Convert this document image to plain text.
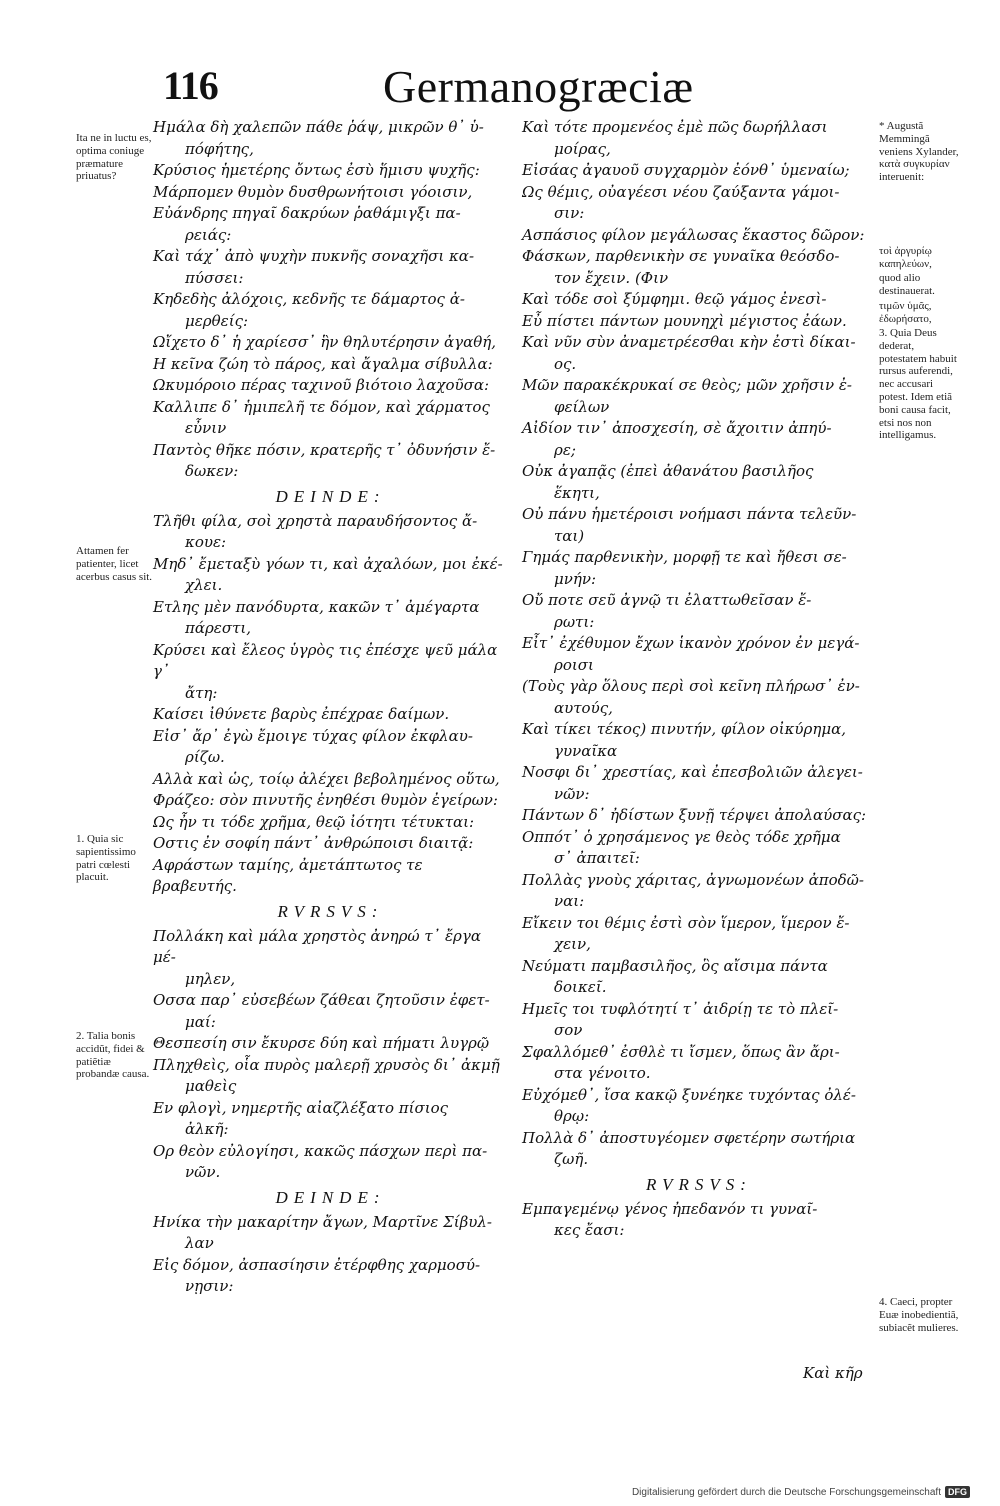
116	Germanogræciæ
Ημάλα δὴ χαλεπῶν πάθε ῥάψ, μικρῶν θ᾽ ὑ-
πόφήτης,
Κρύσιος ἡμετέρης ὄντως ἐσὺ ἥμισυ ψυχῆς:
Μάρπομεν θυμὸν δυσθρωνήτοισι γόοισιν,
Εὐάνδρης πηγαῖ δακρύων ῥαθάμιγξι πα-
ρειάς:
Καὶ τάχ᾽ ἀπὸ ψυχὴν πυκνῆς σοναχῆσι κα-
πύσσει:
Κηδεδὴς ἀλόχοις, κεδνῆς τε δάμαρτος ἀ-
μερθείς:
Ωἴχετο δ᾽ ἡ χαρίεσσ᾽ ἣν θηλυτέρησιν ἀγαθή,
Η κεῖνα ζώη τὸ πάρος, καὶ ἄγαλμα σίβυλλα:
Ωκυμόροιο πέρας ταχινοῦ βιότοιο λαχοῦσα:
Καλλιπε δ᾽ ἡμιπελῆ τε δόμον, καὶ χάρματος
εὖνιν
Παντὸς θῆκε πόσιν, κρατερῆς τ᾽ ὀδυνήσιν ἔ-
δωκεν:
DEINDE:
Τλῆθι φίλα, σοὶ χρηστὰ παραυδήσοντος ἄ-
κουε:
Μηδ᾽ ἔμεταξὺ γόων τι, καὶ ἀχαλόων, μοι ἐκέ-
χλει.
Ετλης μὲν πανόδυρτα, κακῶν τ᾽ ἀμέγαρτα
πάρεστι,
Κρύσει καὶ ἔλεος ὑγρὸς τις ἐπέσχε ψεῦ μάλα γ᾽
ἄτη:
Καίσει ἰθύνετε βαρὺς ἐπέχραε δαίμων.
Εἰσ᾽ ἄρ᾽ ἐγὼ ἔμοιγε τύχας φίλον ἐκφλαυ-
ρίζω.
Αλλὰ καὶ ὡς, τοίῳ ἀλέχει βεβολημένος οὕτω,
Φράζεο: σὸν πινυτῆς ἐνηθέσι θυμὸν ἐγείρων:
Ως ἦν τι τόδε χρῆμα, θεῷ ἰότητι τέτυκται:
Οστις ἐν σοφίη πάντ᾽ ἀνθρώποισι διαιτᾷ:
Αφράστων ταμίης, ἀμετάπτωτος τε βραβευτής.
RVRSVS:
Πολλάκη καὶ μάλα χρηστὸς ἀνηρώ τ᾽ ἔργα μέ-
μηλεν,
Οσσα παρ᾽ εὐσεβέων ζάθεαι ζητοῦσιν ἐφετ-
μαί:
Θεσπεσίη σιν ἔκυρσε δύη καὶ πήματι λυγρῷ
Πληχθεὶς, οἷα πυρὸς μαλερῇ χρυσὸς δι᾽ ἀκμῇ
μαθεὶς
Εν φλογὶ, νημερτῆς αἰαζλέξατο πίσιος
ἀλκῆ:
Ορ θεὸν εὐλογίησι, κακῶς πάσχων περὶ πα-
νῶν.
DEINDE:
Ηνίκα τὴν μακαρίτην ἄγων, Μαρτῖνε Σίβυλ-
λαν
Εἰς δόμον, ἀσπασίησιν ἐτέρφθης χαρμοσύ-
νῃσιν:
Καὶ τότε προμενέος ἐμὲ πῶς δωρήλλασι
μοίρας,
Εἰσάας ἀγαυοῦ συγχαρμὸν ἐόνθ᾽ ὑμεναίω;
Ως θέμις, οὐαγέεσι νέου ζαύξαντα γάμοι-
σιν:
Ασπάσιος φίλον μεγάλωσας ἕκαστος δῶρον:
Φάσκων, παρθενικὴν σε γυναῖκα θεόσδο-
τον ἔχειν. (Φιν
Καὶ τόδε σοὶ ξύμφημι. θεῷ γάμος ἐνεσὶ-
Εὖ πίστει πάντων μουνηχὶ μέγιστος ἐάων.
Καὶ νῦν σὺν ἀναμετρέεσθαι κὴν ἐστὶ δίκαι-
ος.
Μῶν παρακέκρυκαί σε θεὸς; μῶν χρῆσιν ἐ-
φείλων
Αἰδίον τιν᾽ ἀποσχεσίη, σὲ ἄχοιτιν ἀπηύ-
ρε;
Οὐκ ἀγαπᾷς (ἐπεὶ ἀθανάτου βασιλῆος
ἕκητι,
Οὐ πάνυ ἡμετέροισι νοήμασι πάντα τελεῦν-
ται)
Γημάς παρθενικὴν, μορφῇ τε καὶ ἤθεσι σε-
μνήν:
Οὔ ποτε σεῦ ἀγνῷ τι ἐλαττωθεῖσαν ἔ-
ρωτι:
Εἶτ᾽ ἐχέθυμον ἔχων ἱκανὸν χρόνον ἐν μεγά-
ροισι
(Τοὺς γὰρ ὅλους περὶ σοὶ κεῖνη πλήρωσ᾽ ἐν-
αυτούς,
Καὶ τίκει τέκος) πινυτήν, φίλον οἰκύρημα,
γυναῖκα
Νοσφι δι᾽ χρεστίας, καὶ ἐπεσβολιῶν ἀλεγει-
νῶν:
Πάντων δ᾽ ἠδίστων ξυνῇ τέρψει ἀπολαύσας:
Οππότ᾽ ὁ χρησάμενος γε θεὸς τόδε χρῆμα
σ᾽ ἀπαιτεῖ:
Πολλὰς γνοὺς χάριτας, ἀγνωμονέων ἀποδῶ-
ναι:
Εἴκειν τοι θέμις ἐστὶ σὸν ἵμερον, ἵμερον ἔ-
χειν,
Νεύματι παμβασιλῆος, ὃς αἴσιμα πάντα
δοικεῖ.
Ημεῖς τοι τυφλότητί τ᾽ ἀιδρίῃ τε τὸ πλεῖ-
σον
Σφαλλόμεθ᾽ ἐσθλὲ τι ἴσμεν, ὅπως ἂν ἄρι-
στα γένοιτο.
Εὐχόμεθ᾽, ἴσα κακῷ ξυνέηκε τυχόντας ὀλέ-
θρῳ:
Πολλὰ δ᾽ ἀποστυγέομεν σφετέρην σωτήρια
ζωῆ.
RVRSVS:
Εμπαγεμένῳ γένος ἠπεδανόν τι γυναῖ-
κες ἔασι:
Ita ne in luctu es, optima coniuge præmature priuatus?
Attamen fer patienter, licet acerbus casus sit.
1. Quia sic sapientissimo patri cœlesti placuit.
2. Talia bonis accidũt, fidei & patiẽtiæ probandæ causa.
* Augustã Memmingã veniens Xylander, κατὰ συγκυρίαν interuenit:
τοὶ ἀργυρίῳ καπηλεύων,
quod alio destinauerat.
τιμῶν ὑμᾶς, ἐδωρήσατο,
3. Quia Deus dederat, potestatem habuit rursus auferendi, nec accusari potest. Idem etiã boni causa facit, etsi nos non intelligamus.
4. Caeci, propter Euæ inobedientiã, subiacẽt mulieres.
Καὶ κῆρ
Digitalisierung gefördert durch die Deutsche Forschungsgemeinschaft DFG
